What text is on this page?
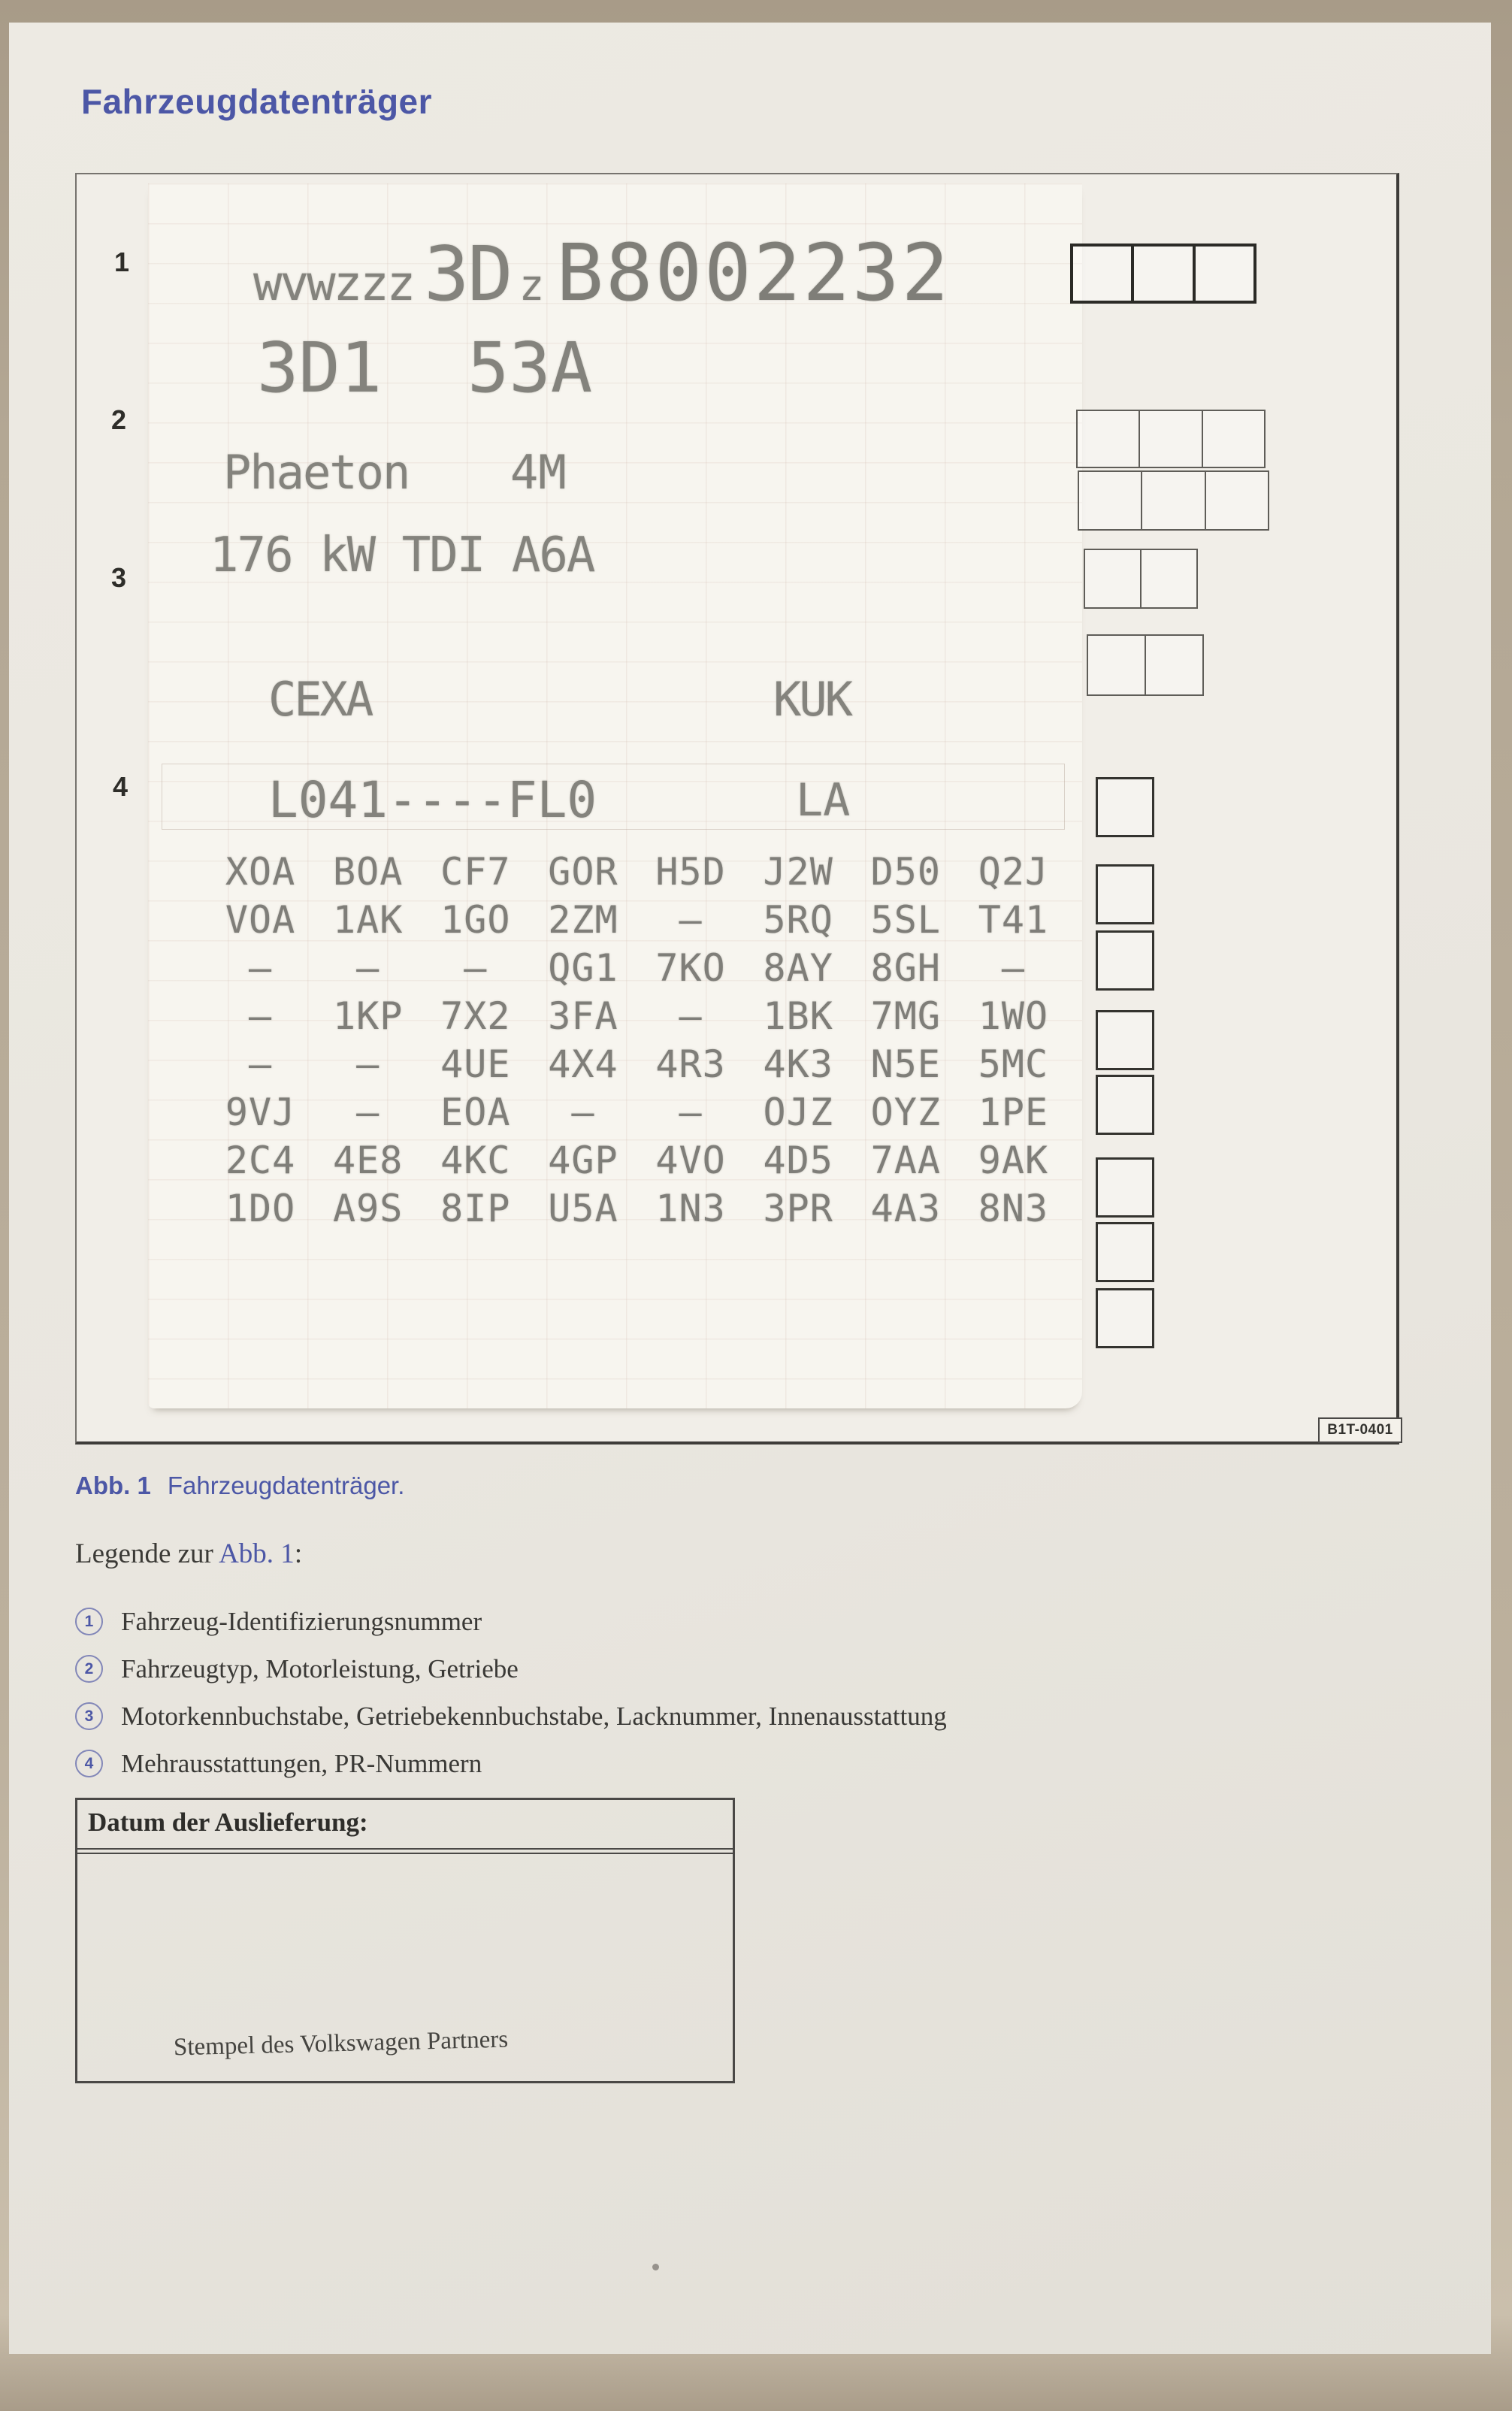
Fahrzeugdatenträger
1
2
3
4
wvwzzz 3D z B8002232
3D1 53A
Phaeton 4M
176 kW TDI A6A
CEXA	KUK
L041----FL0	LA
XOA BOA CF7 GOR H5D J2W D50 Q2J
VOA 1AK 1GO 2ZM	–	5RQ 5SL T41
–	–	–	QG1 7KO 8AY 8GH	–
–	1KP 7X2 3FA	–	1BK 7MG 1WO
–	–	4UE 4X4 4R3 4K3 N5E 5MC
9VJ	–	EOA	–	–	OJZ OYZ 1PE
2C4 4E8 4KC 4GP 4VO 4D5 7AA 9AK
1DO A9S 8IP U5A 1N3 3PR 4A3 8N3
B1T-0401
Abb. 1 Fahrzeugdatenträger.
Legende zur Abb. 1:
1	Fahrzeug-Identifizierungsnummer
2	Fahrzeugtyp, Motorleistung, Getriebe
3	Motorkennbuchstabe, Getriebekennbuchstabe, Lacknummer, Innenausstattung
4	Mehrausstattungen, PR-Nummern
Datum der Auslieferung:
Stempel des Volkswagen Partners
